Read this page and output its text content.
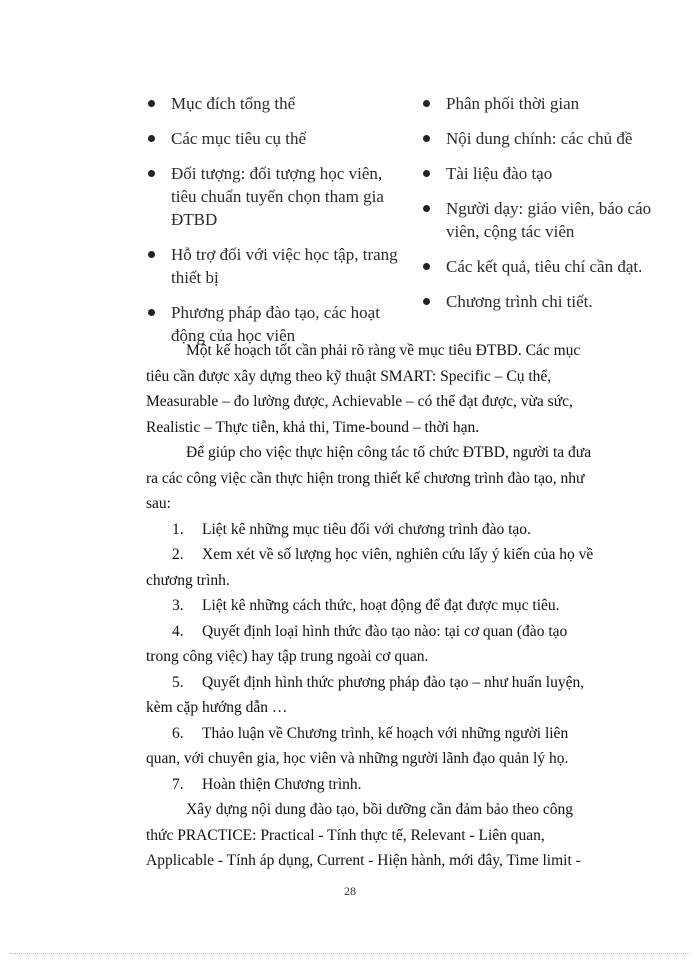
Mục đích tổng thể
Các mục tiêu cụ thể
Đối tượng: đối tượng học viên, tiêu chuẩn tuyển chọn tham gia ĐTBD
Hỗ trợ đối với việc học tập, trang thiết bị
Phương pháp đào tạo, các hoạt động của học viên
Phân phối thời gian
Nội dung chính: các chủ đề
Tài liệu đào tạo
Người dạy: giáo viên, báo cáo viên, cộng tác viên
Các kết quả, tiêu chí cần đạt.
Chương trình chi tiết.

Một kế hoạch tốt cần phải rõ ràng về mục tiêu ĐTBD. Các mục tiêu cần được xây dựng theo kỹ thuật SMART: Specific – Cụ thể, Measurable – đo lường được, Achievable – có thể đạt được, vừa sức, Realistic – Thực tiễn, khả thi, Time-bound – thời hạn.

Để giúp cho việc thực hiện công tác tổ chức ĐTBD, người ta đưa ra các công việc cần thực hiện trong thiết kế chương trình đào tạo, như sau:

1. Liệt kê những mục tiêu đối với chương trình đào tạo.

2. Xem xét về số lượng học viên, nghiên cứu lấy ý kiến của họ về chương trình.

3. Liệt kê những cách thức, hoạt động để đạt được mục tiêu.

4. Quyết định loại hình thức đào tạo nào: tại cơ quan (đào tạo trong công việc) hay tập trung ngoài cơ quan.

5. Quyết định hình thức phương pháp đào tạo – như huấn luyện, kèm cặp hướng dẫn …

6. Thảo luận về Chương trình, kế hoạch với những người liên quan, với chuyên gia, học viên và những người lãnh đạo quản lý họ.

7. Hoàn thiện Chương trình.

Xây dựng nội dung đào tạo, bồi dưỡng cần đảm bảo theo công thức PRACTICE: Practical - Tính thực tế, Relevant - Liên quan, Applicable - Tính áp dụng, Current - Hiện hành, mới đây, Time limit -

28
